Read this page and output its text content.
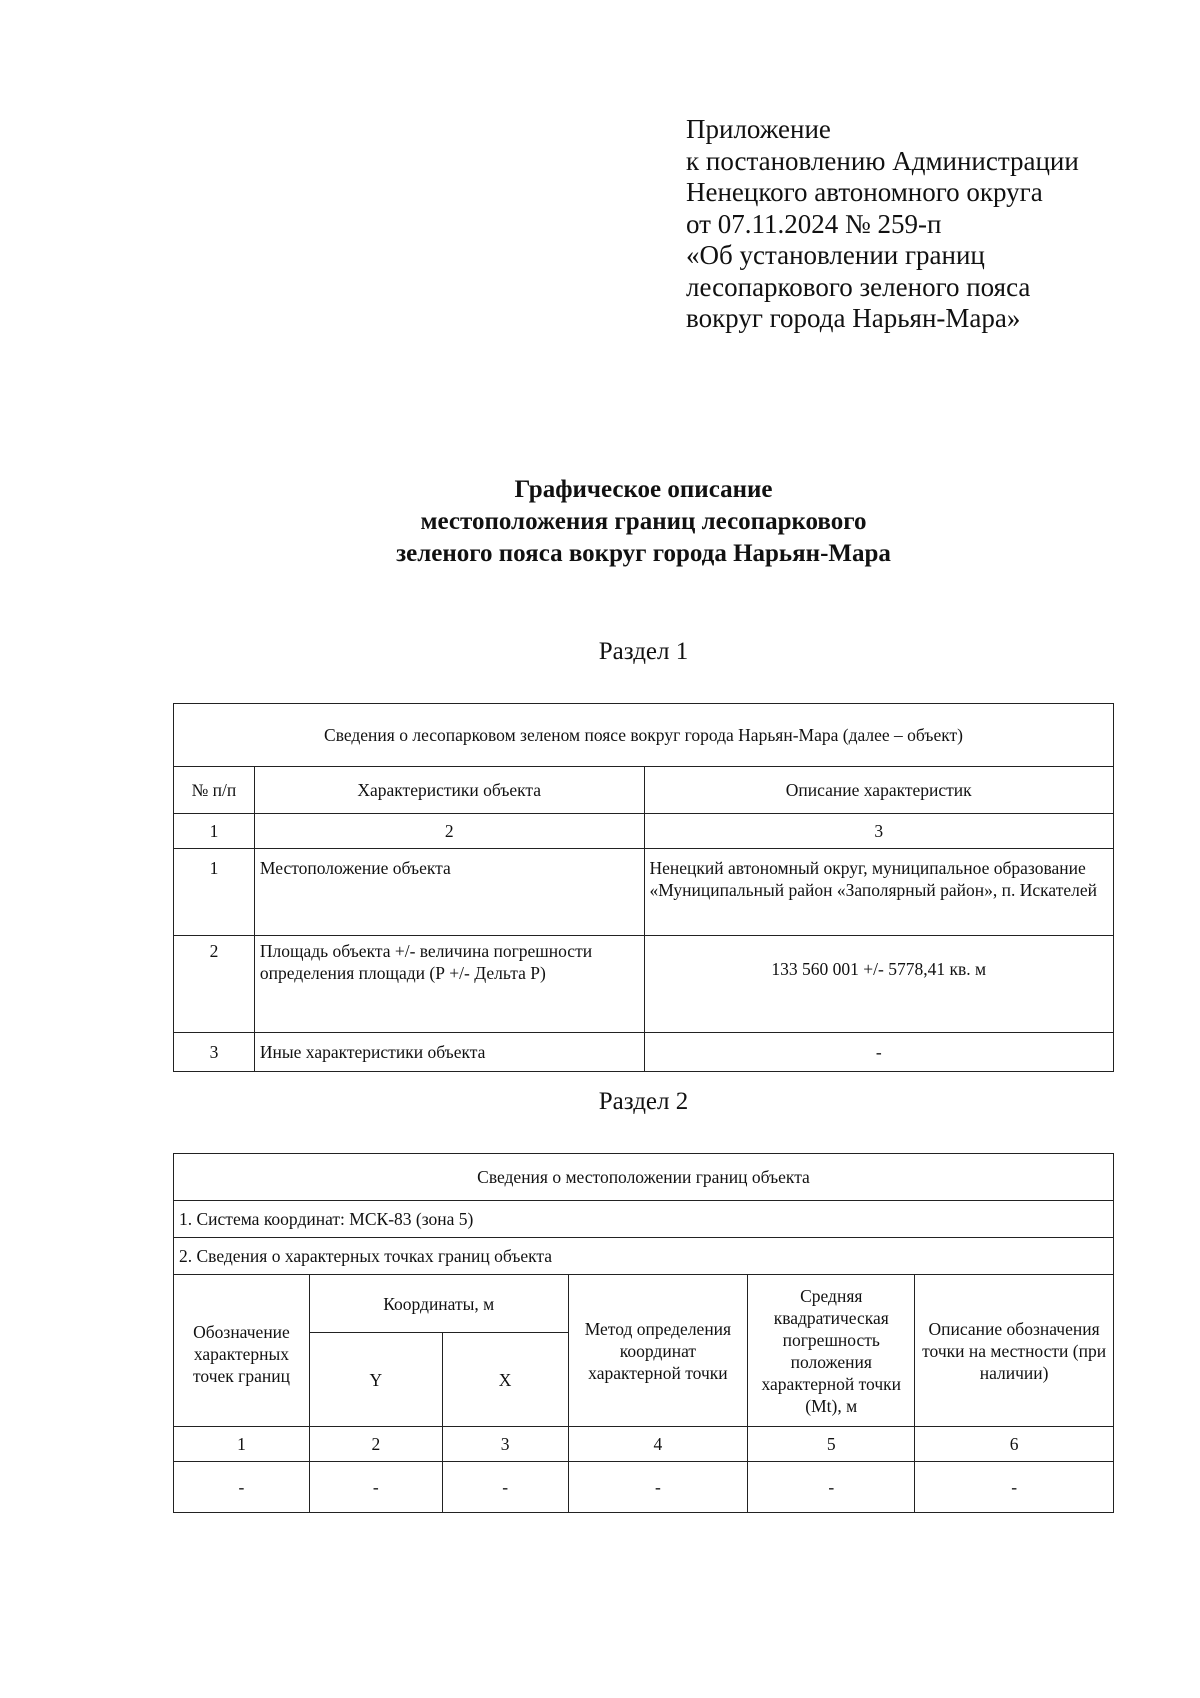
Приложение
к постановлению Администрации
Ненецкого автономного округа
от 07.11.2024 № 259-п
«Об установлении границ
лесопаркового зеленого пояса
вокруг города Нарьян-Мара»
Графическое описание
местоположения границ лесопаркового
зеленого пояса вокруг города Нарьян-Мара
Раздел 1
Сведения о лесопарковом зеленом поясе вокруг города Нарьян-Мара (далее – объект)		
№ п/п	Характеристики объекта	Описание характеристик
1	2	3
1	Местоположение объекта	Ненецкий автономный округ, муниципальное образование «Муниципальный район «Заполярный район», п. Искателей
2	Площадь объекта +/- величина погрешности определения площади (Р +/- Дельта Р)	133 560 001 +/- 5778,41 кв. м
3	Иные характеристики объекта	-
Раздел 2
Сведения о местоположении границ объекта					
1. Система координат: МСК-83 (зона 5)					
2. Сведения о характерных точках границ объекта					
Обозначение характерных точек границ	Координаты, м		Метод определения координат характерной точки	Средняя квадратическая погрешность положения характерной точки (Mt), м	Описание обозначения точки на местности (при наличии)
	Y	X			
1	2	3	4	5	6
-	-	-	-	-	-
